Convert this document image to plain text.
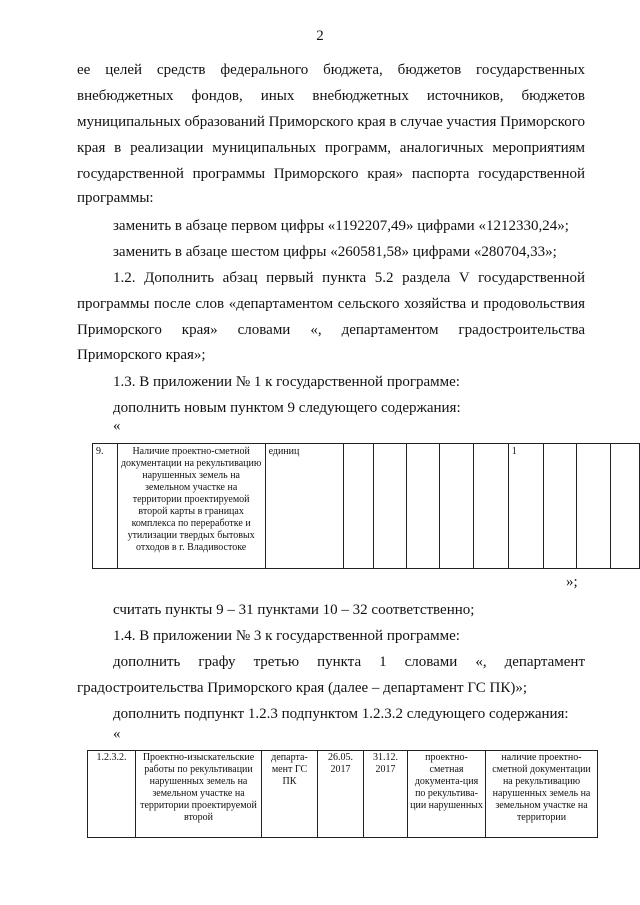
2
ее целей средств федерального бюджета, бюджетов государственных
внебюджетных фондов, иных внебюджетных источников, бюджетов
муниципальных образований Приморского края в случае участия Приморского
края в реализации муниципальных программ, аналогичных мероприятиям
государственной программы Приморского края» паспорта государственной
программы:
заменить в абзаце первом цифры «1192207,49» цифрами «1212330,24»;
заменить в абзаце шестом цифры «260581,58» цифрами «280704,33»;
1.2. Дополнить абзац первый пункта 5.2 раздела V государственной
программы после слов «департаментом сельского хозяйства и продовольствия
Приморского края» словами «, департаментом градостроительства
Приморского края»;
1.3. В приложении № 1 к государственной программе:
дополнить новым пунктом 9 следующего содержания:
«
9.	Наличие проектно-сметной документации на рекультивацию нарушенных земель на земельном участке на территории проектируемой второй карты в границах комплекса по переработке и утилизации твердых бытовых отходов в г. Владивостоке	единиц						1			
»;
считать пункты 9 – 31 пунктами 10 – 32 соответственно;
1.4. В приложении № 3 к государственной программе:
дополнить графу третью пункта 1 словами «, департамент
градостроительства Приморского края (далее – департамент ГС ПК)»;
дополнить подпункт 1.2.3 подпунктом 1.2.3.2 следующего содержания:
«
1.2.3.2.	Проектно-изыскательские работы по рекультивации нарушенных земель на земельном участке на территории проектируемой второй	департа-мент ГС ПК	26.05. 2017	31.12. 2017	проектно-сметная документа-ция по рекультива-ции нарушенных	наличие проектно-сметной документации на рекультивацию нарушенных земель на земельном участке на территории
